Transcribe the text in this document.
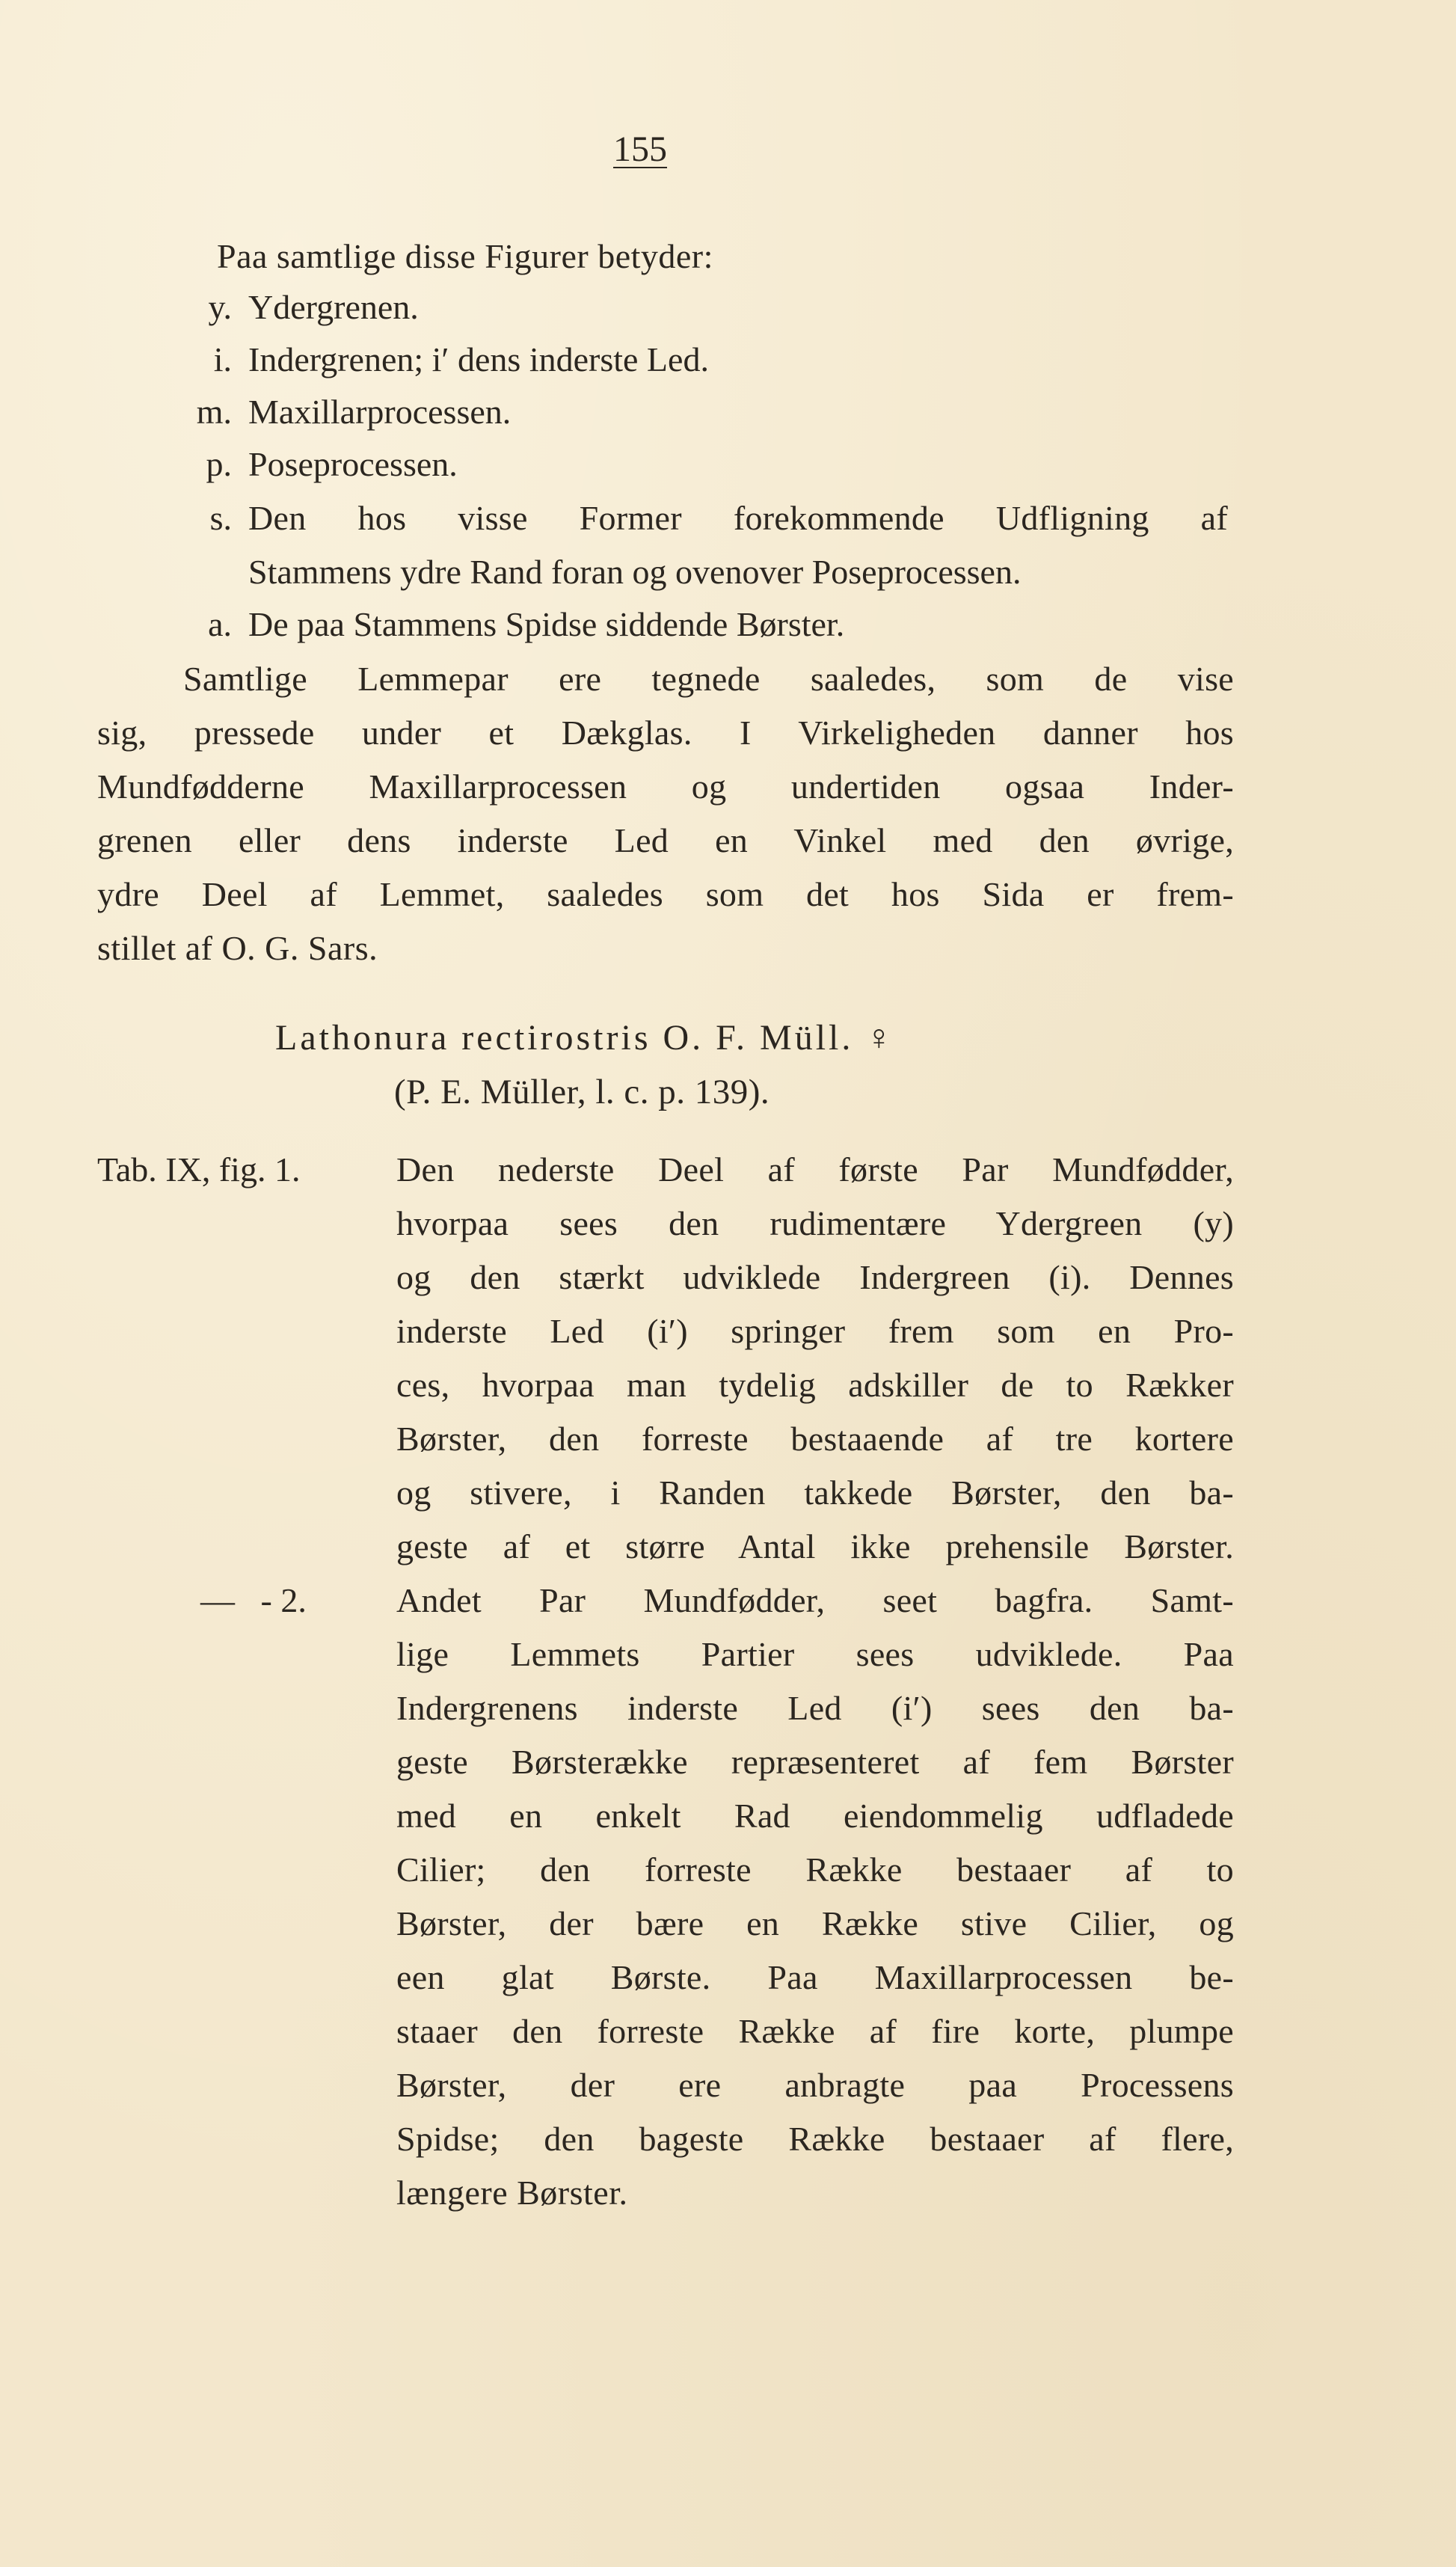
155
Paa samtlige disse Figurer betyder:
y. Ydergrenen.
i. Indergrenen; i′ dens inderste Led.
m. Maxillarprocessen.
p. Poseprocessen.
s. Den hos visse Former forekommende Udfligning af
Stammens ydre Rand foran og ovenover Poseprocessen.
a. De paa Stammens Spidse siddende Børster.
Samtlige Lemmepar ere tegnede saaledes, som de vise
sig, pressede under et Dækglas. I Virkeligheden danner hos
Mundfødderne Maxillarprocessen og undertiden ogsaa Inder-
grenen eller dens inderste Led en Vinkel med den øvrige,
ydre Deel af Lemmet, saaledes som det hos Sida er frem-
stillet af O. G. Sars.
Lathonura rectirostris O. F. Müll. ♀
(P. E. Müller, l. c. p. 139).
Tab. IX, fig. 1.	Den nederste Deel af første Par Mundfødder,
hvorpaa sees den rudimentære Ydergreen (y)
og den stærkt udviklede Indergreen (i). Dennes
inderste Led (i′) springer frem som en Pro-
ces, hvorpaa man tydelig adskiller de to Rækker
Børster, den forreste bestaaende af tre kortere
og stivere, i Randen takkede Børster, den ba-
geste af et større Antal ikke prehensile Børster.
—   - 2.	Andet Par Mundfødder, seet bagfra. Samt-
lige Lemmets Partier sees udviklede. Paa
Indergrenens inderste Led (i′) sees den ba-
geste Børsterække repræsenteret af fem Børster
med en enkelt Rad eiendommelig udfladede
Cilier; den forreste Række bestaaer af to
Børster, der bære en Række stive Cilier, og
een glat Børste. Paa Maxillarprocessen be-
staaer den forreste Række af fire korte, plumpe
Børster, der ere anbragte paa Processens
Spidse; den bageste Række bestaaer af flere,
længere Børster.
